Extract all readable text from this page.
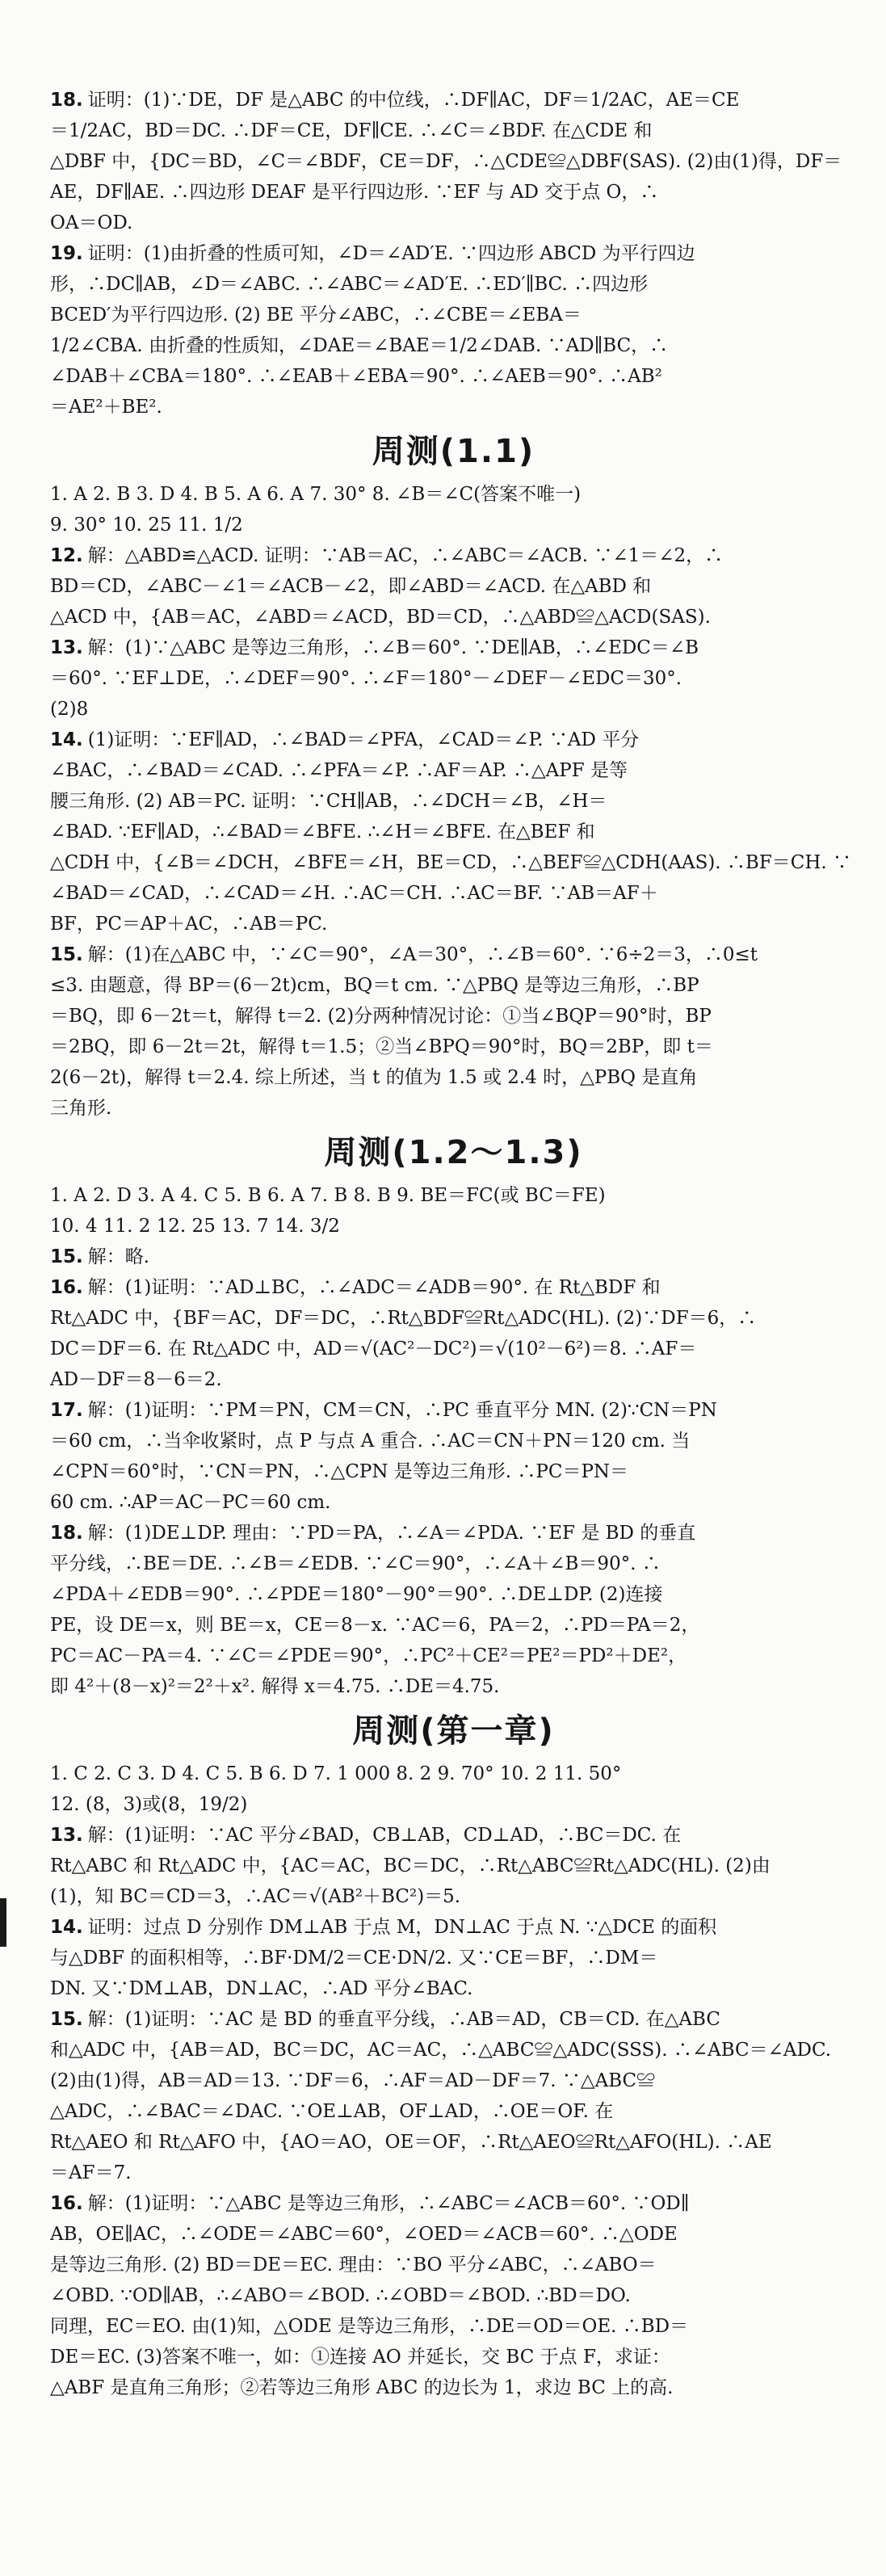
18. 证明：(1)∵DE，DF 是△ABC 的中位线，∴DF∥AC，DF＝1/2AC，AE＝CE
＝1/2AC，BD＝DC. ∴DF＝CE，DF∥CE. ∴∠C＝∠BDF. 在△CDE 和
△DBF 中，{DC＝BD，∠C＝∠BDF，CE＝DF，∴△CDE≌△DBF(SAS). (2)由(1)得，DF＝
AE，DF∥AE. ∴四边形 DEAF 是平行四边形. ∵EF 与 AD 交于点 O，∴
OA＝OD.
19. 证明：(1)由折叠的性质可知，∠D＝∠AD′E. ∵四边形 ABCD 为平行四边
形，∴DC∥AB，∠D＝∠ABC. ∴∠ABC＝∠AD′E. ∴ED′∥BC. ∴四边形
BCED′为平行四边形. (2) BE 平分∠ABC，∴∠CBE＝∠EBA＝
1/2∠CBA. 由折叠的性质知，∠DAE＝∠BAE＝1/2∠DAB. ∵AD∥BC，∴
∠DAB＋∠CBA＝180°. ∴∠EAB＋∠EBA＝90°. ∴∠AEB＝90°. ∴AB²
＝AE²＋BE².
周测(1.1)
1. A 2. B 3. D 4. B 5. A 6. A 7. 30° 8. ∠B＝∠C(答案不唯一)
9. 30° 10. 25 11. 1/2
12. 解：△ABD≌△ACD. 证明：∵AB＝AC，∴∠ABC＝∠ACB. ∵∠1＝∠2，∴
BD＝CD，∠ABC－∠1＝∠ACB－∠2，即∠ABD＝∠ACD. 在△ABD 和
△ACD 中，{AB＝AC，∠ABD＝∠ACD，BD＝CD，∴△ABD≌△ACD(SAS).
13. 解：(1)∵△ABC 是等边三角形，∴∠B＝60°. ∵DE∥AB，∴∠EDC＝∠B
＝60°. ∵EF⊥DE，∴∠DEF＝90°. ∴∠F＝180°－∠DEF－∠EDC＝30°.
(2)8
14. (1)证明：∵EF∥AD，∴∠BAD＝∠PFA，∠CAD＝∠P. ∵AD 平分
∠BAC，∴∠BAD＝∠CAD. ∴∠PFA＝∠P. ∴AF＝AP. ∴△APF 是等
腰三角形. (2) AB＝PC. 证明：∵CH∥AB，∴∠DCH＝∠B，∠H＝
∠BAD. ∵EF∥AD，∴∠BAD＝∠BFE. ∴∠H＝∠BFE. 在△BEF 和
△CDH 中，{∠B＝∠DCH，∠BFE＝∠H，BE＝CD，∴△BEF≌△CDH(AAS). ∴BF＝CH. ∵
∠BAD＝∠CAD，∴∠CAD＝∠H. ∴AC＝CH. ∴AC＝BF. ∵AB＝AF＋
BF，PC＝AP＋AC，∴AB＝PC.
15. 解：(1)在△ABC 中，∵∠C＝90°，∠A＝30°，∴∠B＝60°. ∵6÷2＝3，∴0≤t
≤3. 由题意，得 BP＝(6－2t)cm，BQ＝t cm. ∵△PBQ 是等边三角形，∴BP
＝BQ，即 6－2t＝t，解得 t＝2. (2)分两种情况讨论：①当∠BQP＝90°时，BP
＝2BQ，即 6－2t＝2t，解得 t＝1.5；②当∠BPQ＝90°时，BQ＝2BP，即 t＝
2(6－2t)，解得 t＝2.4. 综上所述，当 t 的值为 1.5 或 2.4 时，△PBQ 是直角
三角形.
周测(1.2～1.3)
1. A 2. D 3. A 4. C 5. B 6. A 7. B 8. B 9. BE＝FC(或 BC＝FE)
10. 4 11. 2 12. 25 13. 7 14. 3/2
15. 解：略.
16. 解：(1)证明：∵AD⊥BC，∴∠ADC＝∠ADB＝90°. 在 Rt△BDF 和
Rt△ADC 中，{BF＝AC，DF＝DC，∴Rt△BDF≌Rt△ADC(HL). (2)∵DF＝6，∴
DC＝DF＝6. 在 Rt△ADC 中，AD＝√(AC²－DC²)＝√(10²－6²)＝8. ∴AF＝
AD－DF＝8－6＝2.
17. 解：(1)证明：∵PM＝PN，CM＝CN，∴PC 垂直平分 MN. (2)∵CN＝PN
＝60 cm，∴当伞收紧时，点 P 与点 A 重合. ∴AC＝CN＋PN＝120 cm. 当
∠CPN＝60°时，∵CN＝PN，∴△CPN 是等边三角形. ∴PC＝PN＝
60 cm. ∴AP＝AC－PC＝60 cm.
18. 解：(1)DE⊥DP. 理由：∵PD＝PA，∴∠A＝∠PDA. ∵EF 是 BD 的垂直
平分线，∴BE＝DE. ∴∠B＝∠EDB. ∵∠C＝90°，∴∠A＋∠B＝90°. ∴
∠PDA＋∠EDB＝90°. ∴∠PDE＝180°－90°＝90°. ∴DE⊥DP. (2)连接
PE，设 DE＝x，则 BE＝x，CE＝8－x. ∵AC＝6，PA＝2，∴PD＝PA＝2，
PC＝AC－PA＝4. ∵∠C＝∠PDE＝90°，∴PC²＋CE²＝PE²＝PD²＋DE²，
即 4²＋(8－x)²＝2²＋x². 解得 x＝4.75. ∴DE＝4.75.
周测(第一章)
1. C 2. C 3. D 4. C 5. B 6. D 7. 1 000 8. 2 9. 70° 10. 2 11. 50°
12. (8，3)或(8，19/2)
13. 解：(1)证明：∵AC 平分∠BAD，CB⊥AB，CD⊥AD，∴BC＝DC. 在
Rt△ABC 和 Rt△ADC 中，{AC＝AC，BC＝DC，∴Rt△ABC≌Rt△ADC(HL). (2)由
(1)，知 BC＝CD＝3，∴AC＝√(AB²＋BC²)＝5.
14. 证明：过点 D 分别作 DM⊥AB 于点 M，DN⊥AC 于点 N. ∵△DCE 的面积
与△DBF 的面积相等，∴BF·DM/2＝CE·DN/2. 又∵CE＝BF，∴DM＝
DN. 又∵DM⊥AB，DN⊥AC，∴AD 平分∠BAC.
15. 解：(1)证明：∵AC 是 BD 的垂直平分线，∴AB＝AD，CB＝CD. 在△ABC
和△ADC 中，{AB＝AD，BC＝DC，AC＝AC，∴△ABC≌△ADC(SSS). ∴∠ABC＝∠ADC.
(2)由(1)得，AB＝AD＝13. ∵DF＝6，∴AF＝AD－DF＝7. ∵△ABC≌
△ADC，∴∠BAC＝∠DAC. ∵OE⊥AB，OF⊥AD，∴OE＝OF. 在
Rt△AEO 和 Rt△AFO 中，{AO＝AO，OE＝OF，∴Rt△AEO≌Rt△AFO(HL). ∴AE
＝AF＝7.
16. 解：(1)证明：∵△ABC 是等边三角形，∴∠ABC＝∠ACB＝60°. ∵OD∥
AB，OE∥AC，∴∠ODE＝∠ABC＝60°，∠OED＝∠ACB＝60°. ∴△ODE
是等边三角形. (2) BD＝DE＝EC. 理由：∵BO 平分∠ABC，∴∠ABO＝
∠OBD. ∵OD∥AB，∴∠ABO＝∠BOD. ∴∠OBD＝∠BOD. ∴BD＝DO.
同理，EC＝EO. 由(1)知，△ODE 是等边三角形，∴DE＝OD＝OE. ∴BD＝
DE＝EC. (3)答案不唯一，如：①连接 AO 并延长，交 BC 于点 F，求证：
△ABF 是直角三角形；②若等边三角形 ABC 的边长为 1，求边 BC 上的高.
